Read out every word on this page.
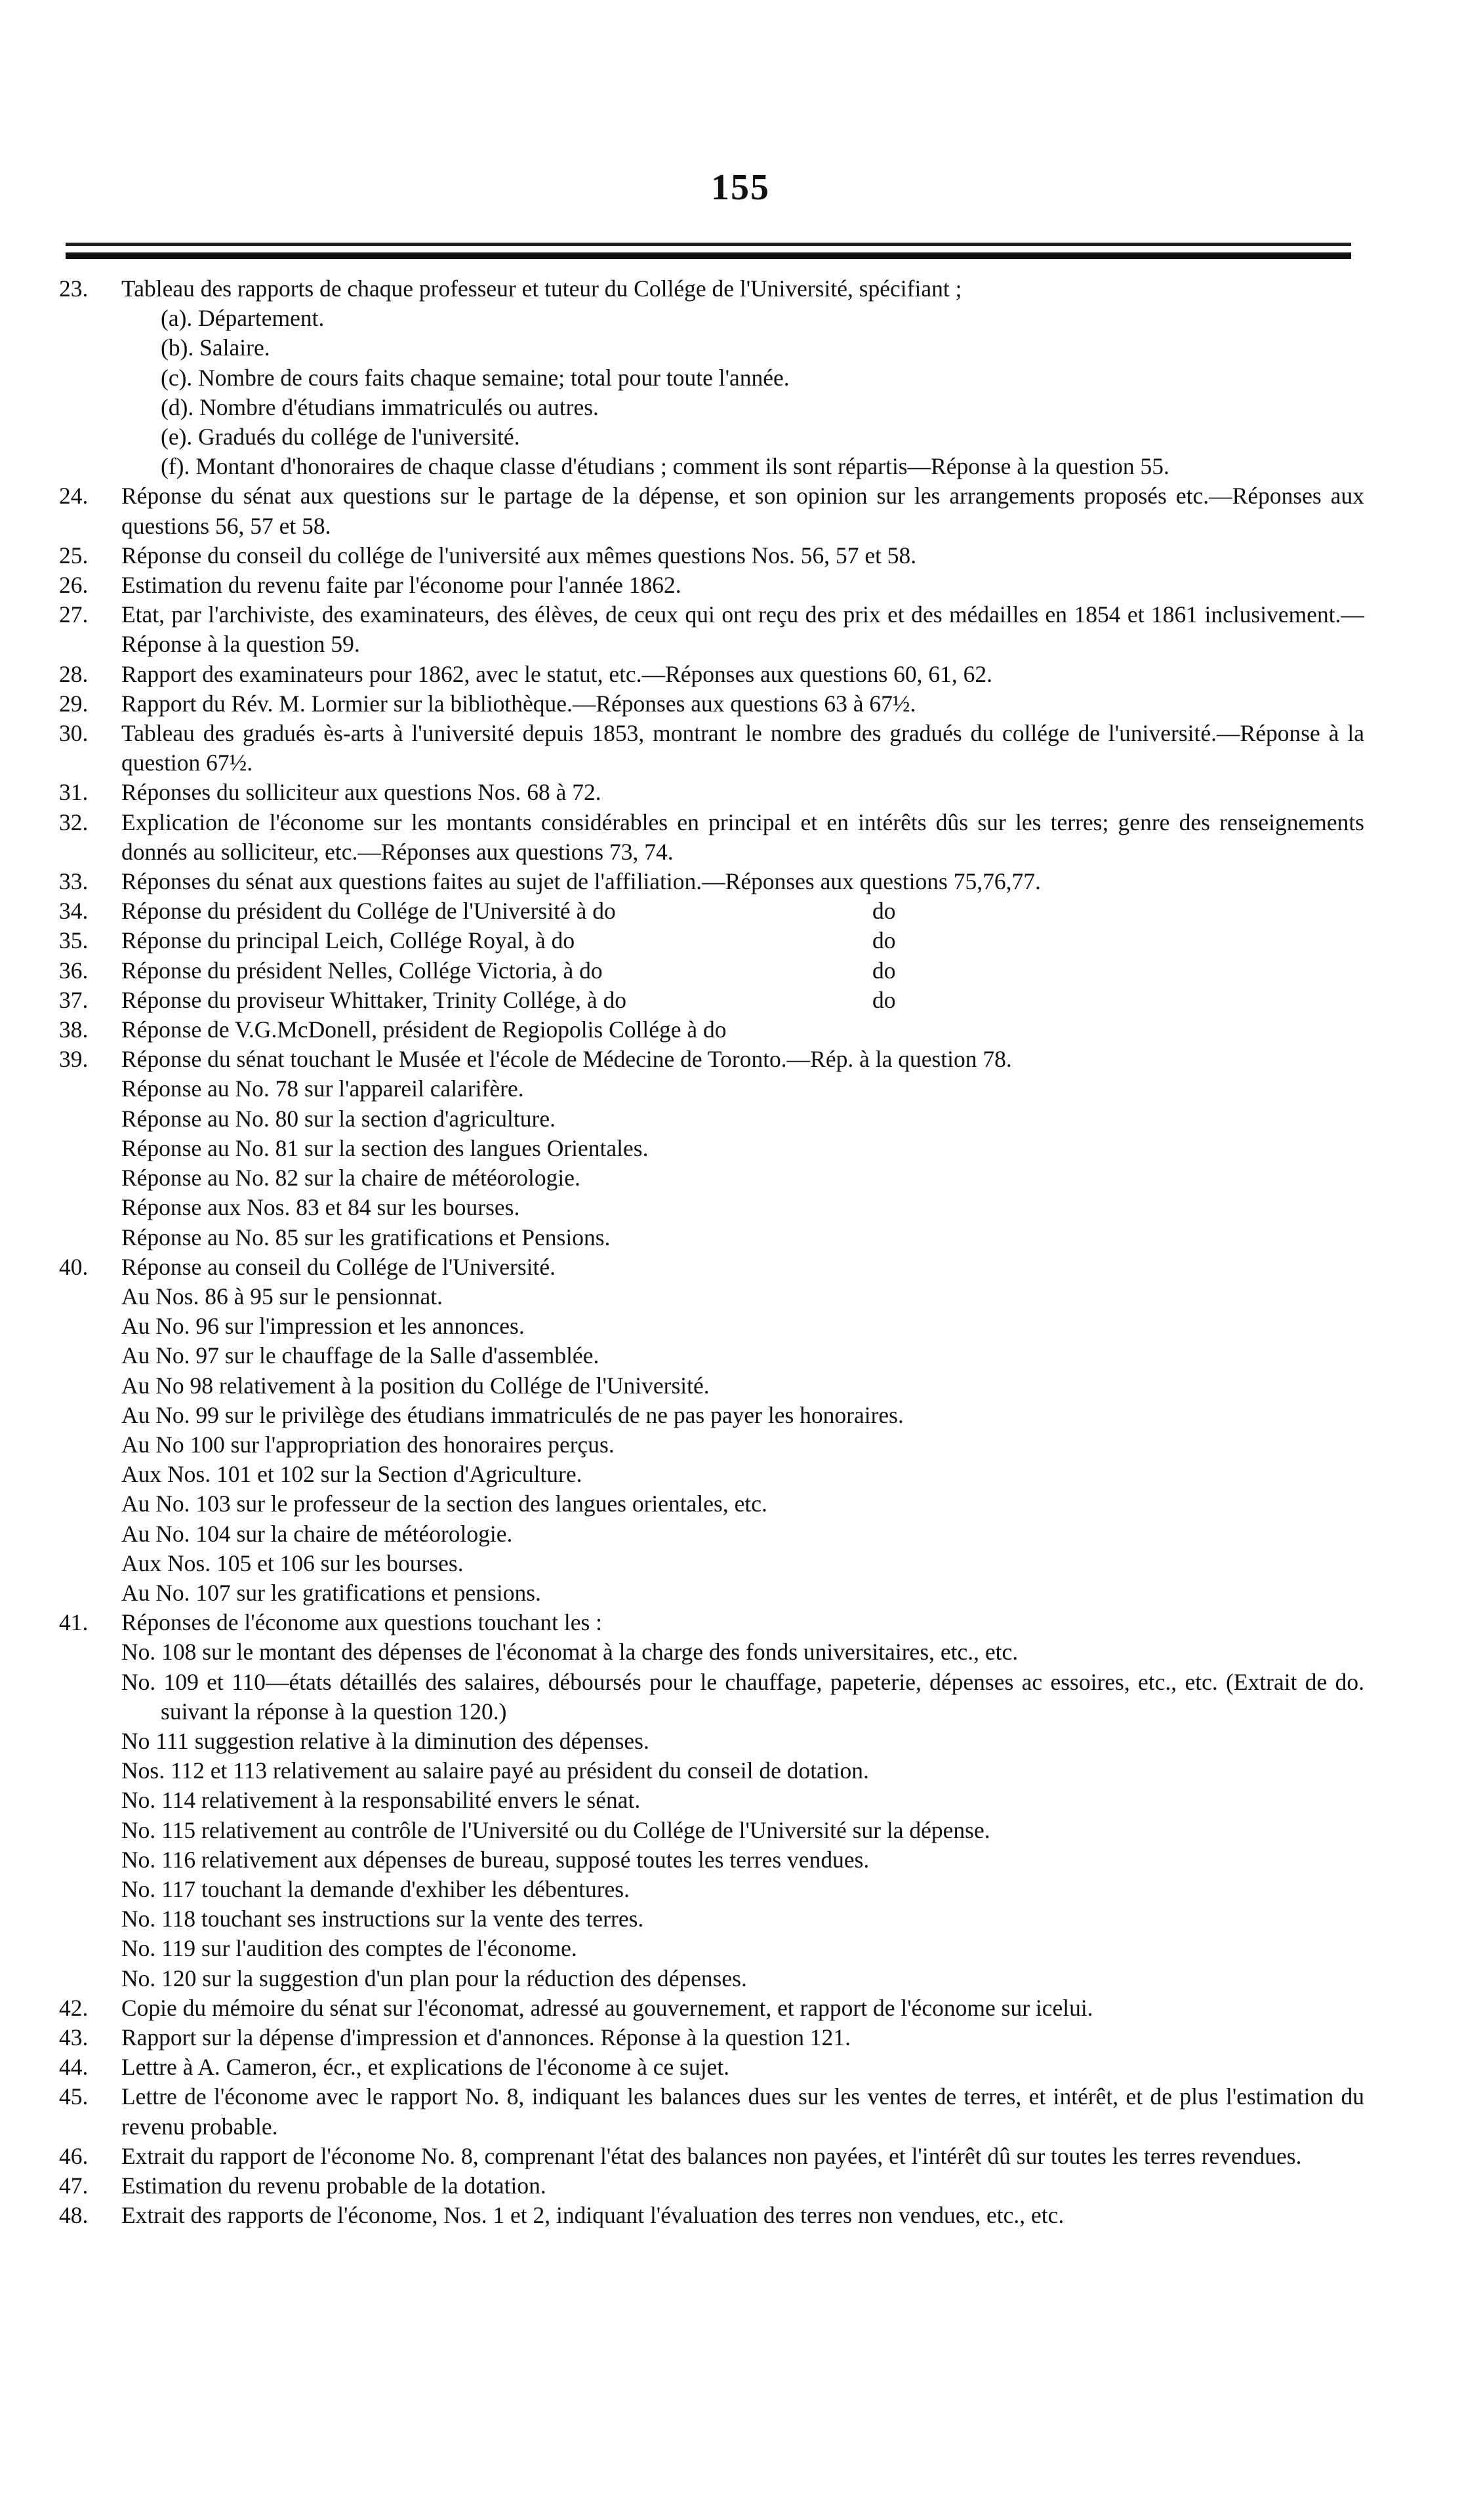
155
23. Tableau des rapports de chaque professeur et tuteur du Collége de l'Université, spécifiant ;
(a). Département.
(b). Salaire.
(c). Nombre de cours faits chaque semaine; total pour toute l'année.
(d). Nombre d'étudians immatriculés ou autres.
(e). Gradués du collége de l'université.
(f). Montant d'honoraires de chaque classe d'étudians ; comment ils sont répartis—Réponse à la question 55.
24. Réponse du sénat aux questions sur le partage de la dépense, et son opinion sur les arrangements proposés etc.—Réponses aux questions 56, 57 et 58.
25. Réponse du conseil du collége de l'université aux mêmes questions Nos. 56, 57 et 58.
26. Estimation du revenu faite par l'économe pour l'année 1862.
27. Etat, par l'archiviste, des examinateurs, des élèves, de ceux qui ont reçu des prix et des médailles en 1854 et 1861 inclusivement.—Réponse à la question 59.
28. Rapport des examinateurs pour 1862, avec le statut, etc.—Réponses aux questions 60, 61, 62.
29. Rapport du Rév. M. Lormier sur la bibliothèque.—Réponses aux questions 63 à 67½.
30. Tableau des gradués ès-arts à l'université depuis 1853, montrant le nombre des gradués du collége de l'université.—Réponse à la question 67½.
31. Réponses du solliciteur aux questions Nos. 68 à 72.
32. Explication de l'économe sur les montants considérables en principal et en intérêts dûs sur les terres; genre des renseignements donnés au solliciteur, etc.—Réponses aux questions 73, 74.
33. Réponses du sénat aux questions faites au sujet de l'affiliation.—Réponses aux questions 75,76,77.
34. Réponse du président du Collége de l'Université à do	do
35. Réponse du principal Leich, Collége Royal, à do	do
36. Réponse du président Nelles, Collége Victoria, à do	do
37. Réponse du proviseur Whittaker, Trinity Collége, à do	do
38. Réponse de V.G.McDonell, président de Regiopolis Collége à do
39. Réponse du sénat touchant le Musée et l'école de Médecine de Toronto.—Rép. à la question 78.
Réponse au No. 78 sur l'appareil calarifère.
Réponse au No. 80 sur la section d'agriculture.
Réponse au No. 81 sur la section des langues Orientales.
Réponse au No. 82 sur la chaire de météorologie.
Réponse aux Nos. 83 et 84 sur les bourses.
Réponse au No. 85 sur les gratifications et Pensions.
40. Réponse au conseil du Collége de l'Université.
Au Nos. 86 à 95 sur le pensionnat.
Au No. 96 sur l'impression et les annonces.
Au No. 97 sur le chauffage de la Salle d'assemblée.
Au No 98 relativement à la position du Collége de l'Université.
Au No. 99 sur le privilège des étudians immatriculés de ne pas payer les honoraires.
Au No 100 sur l'appropriation des honoraires perçus.
Aux Nos. 101 et 102 sur la Section d'Agriculture.
Au No. 103 sur le professeur de la section des langues orientales, etc.
Au No. 104 sur la chaire de météorologie.
Aux Nos. 105 et 106 sur les bourses.
Au No. 107 sur les gratifications et pensions.
41. Réponses de l'économe aux questions touchant les :
No. 108 sur le montant des dépenses de l'économat à la charge des fonds universitaires, etc., etc.
No. 109 et 110—états détaillés des salaires, déboursés pour le chauffage, papeterie, dépenses ac essoires, etc., etc. (Extrait de do. suivant la réponse à la question 120.)
No 111 suggestion relative à la diminution des dépenses.
Nos. 112 et 113 relativement au salaire payé au président du conseil de dotation.
No. 114 relativement à la responsabilité envers le sénat.
No. 115 relativement au contrôle de l'Université ou du Collége de l'Université sur la dépense.
No. 116 relativement aux dépenses de bureau, supposé toutes les terres vendues.
No. 117 touchant la demande d'exhiber les débentures.
No. 118 touchant ses instructions sur la vente des terres.
No. 119 sur l'audition des comptes de l'économe.
No. 120 sur la suggestion d'un plan pour la réduction des dépenses.
42. Copie du mémoire du sénat sur l'économat, adressé au gouvernement, et rapport de l'économe sur icelui.
43. Rapport sur la dépense d'impression et d'annonces. Réponse à la question 121.
44. Lettre à A. Cameron, écr., et explications de l'économe à ce sujet.
45. Lettre de l'économe avec le rapport No. 8, indiquant les balances dues sur les ventes de terres, et intérêt, et de plus l'estimation du revenu probable.
46. Extrait du rapport de l'économe No. 8, comprenant l'état des balances non payées, et l'intérêt dû sur toutes les terres revendues.
47. Estimation du revenu probable de la dotation.
48. Extrait des rapports de l'économe, Nos. 1 et 2, indiquant l'évaluation des terres non vendues, etc., etc.
